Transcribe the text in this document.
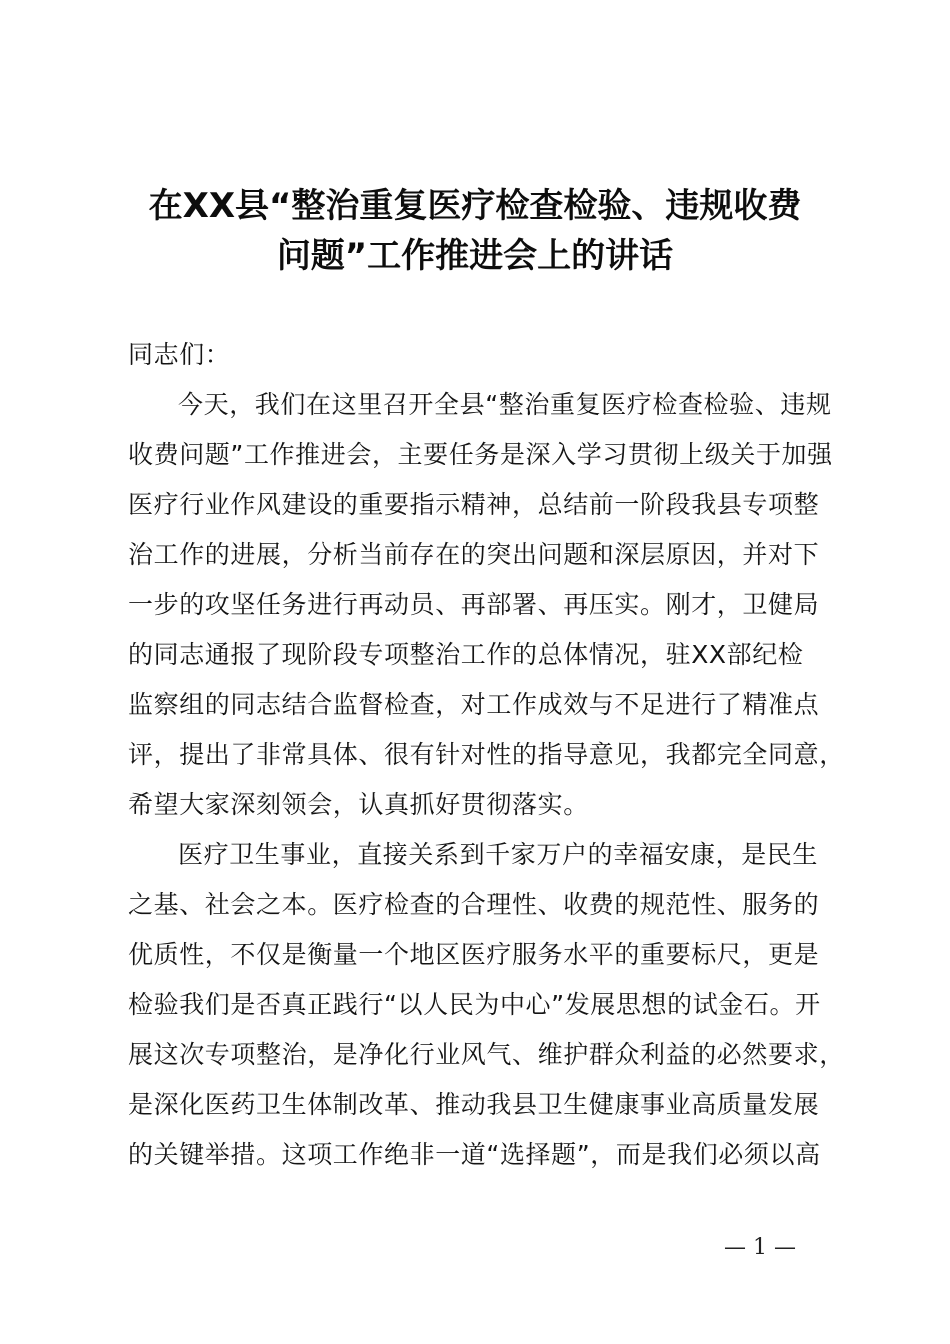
在XX县“整治重复医疗检查检验、违规收费
问题”工作推进会上的讲话
同志们：
今天，我们在这里召开全县“整治重复医疗检查检验、违规
收费问题”工作推进会，主要任务是深入学习贯彻上级关于加强
医疗行业作风建设的重要指示精神，总结前一阶段我县专项整
治工作的进展，分析当前存在的突出问题和深层原因，并对下
一步的攻坚任务进行再动员、再部署、再压实。刚才，卫健局
的同志通报了现阶段专项整治工作的总体情况，驻XX部纪检
监察组的同志结合监督检查，对工作成效与不足进行了精准点
评，提出了非常具体、很有针对性的指导意见，我都完全同意，
希望大家深刻领会，认真抓好贯彻落实。
医疗卫生事业，直接关系到千家万户的幸福安康，是民生
之基、社会之本。医疗检查的合理性、收费的规范性、服务的
优质性，不仅是衡量一个地区医疗服务水平的重要标尺，更是
检验我们是否真正践行“以人民为中心”发展思想的试金石。开
展这次专项整治，是净化行业风气、维护群众利益的必然要求，
是深化医药卫生体制改革、推动我县卫生健康事业高质量发展
的关键举措。这项工作绝非一道“选择题”，而是我们必须以高
— 1 —
